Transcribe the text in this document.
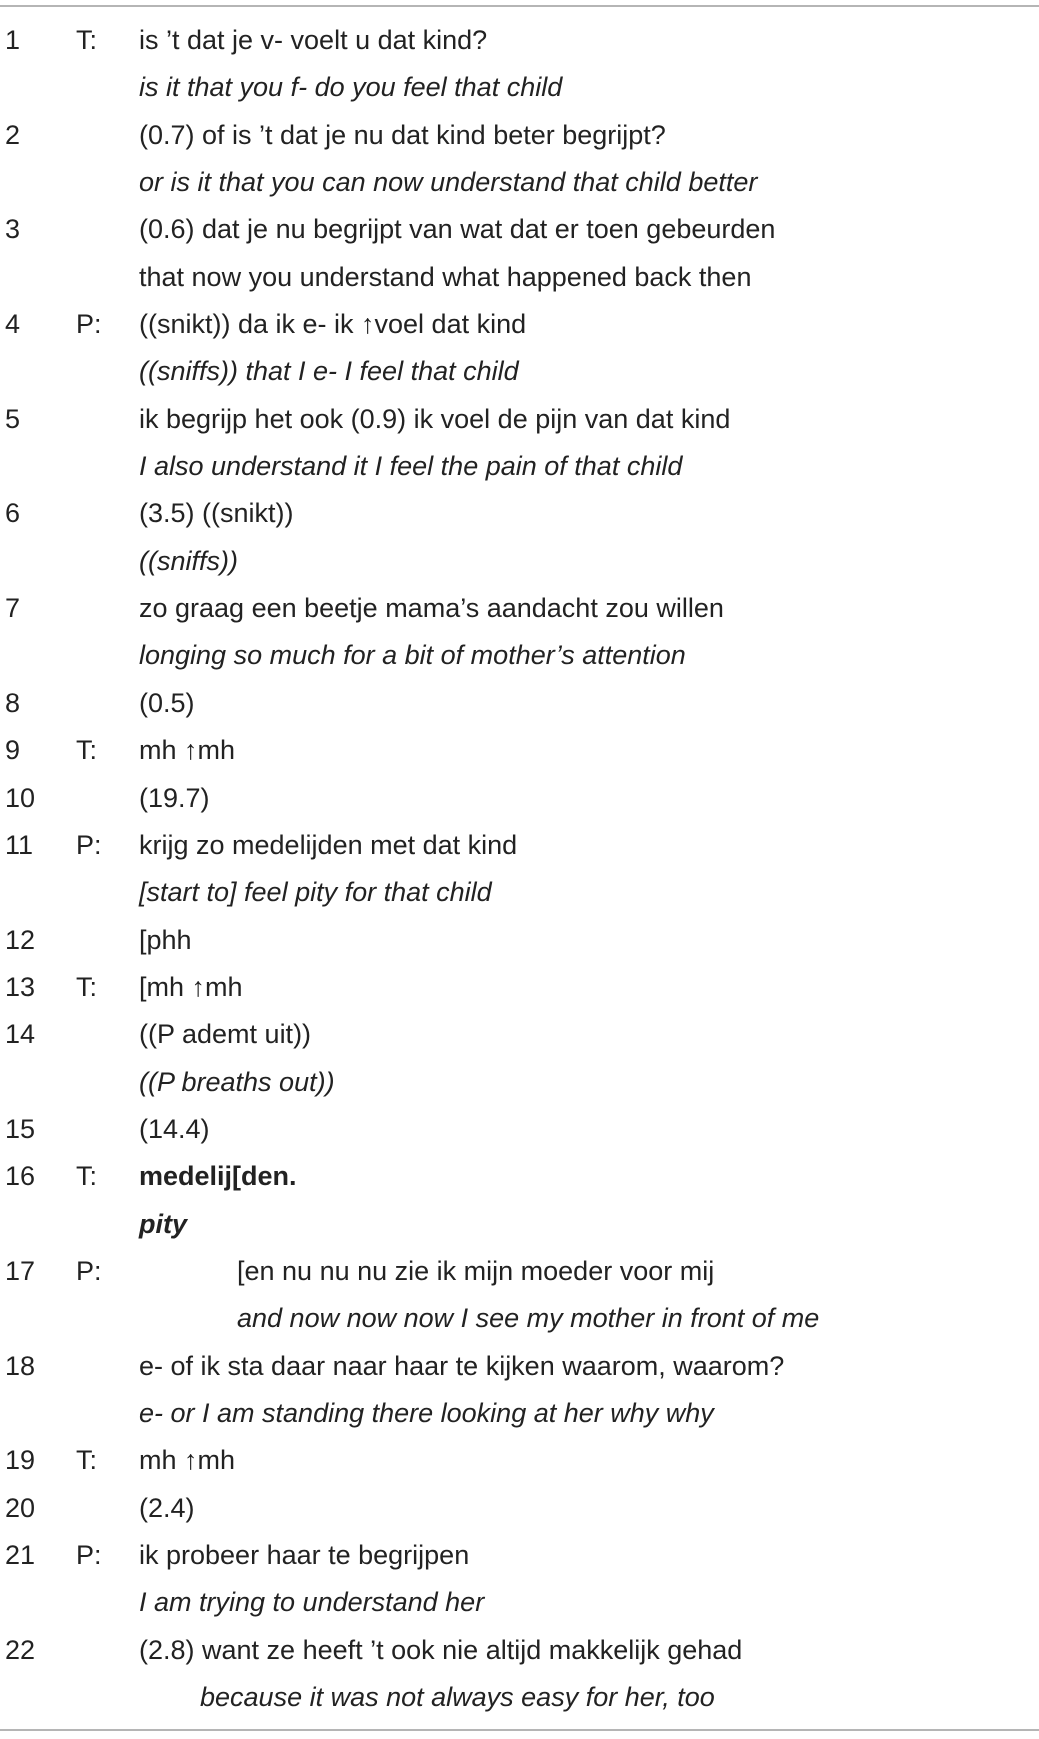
1 T: is ’t dat je v- voelt u dat kind?
is it that you f- do you feel that child
2	(0.7) of is ’t dat je nu dat kind beter begrijpt?
or is it that you can now understand that child better
3	(0.6) dat je nu begrijpt van wat dat er toen gebeurden
that now you understand what happened back then
4 P: ((snikt)) da ik e- ik ↑voel dat kind
((sniffs)) that I e- I feel that child
5	ik begrijp het ook (0.9) ik voel de pijn van dat kind
I also understand it I feel the pain of that child
6	(3.5) ((snikt))
((sniffs))
7	zo graag een beetje mama’s aandacht zou willen
longing so much for a bit of mother’s attention
8	(0.5)
9 T: mh ↑mh
10	(19.7)
11 P: krijg zo medelijden met dat kind
[start to] feel pity for that child
12	[phh
13 T: [mh ↑mh
14	((P ademt uit))
((P breaths out))
15	(14.4)
16 T: medelij[den.
pity
17 P:	[en nu nu nu zie ik mijn moeder voor mij
and now now now I see my mother in front of me
18	e- of ik sta daar naar haar te kijken waarom, waarom?
e- or I am standing there looking at her why why
19 T: mh ↑mh
20	(2.4)
21 P: ik probeer haar te begrijpen
I am trying to understand her
22	(2.8) want ze heeft ’t ook nie altijd makkelijk gehad
because it was not always easy for her, too
